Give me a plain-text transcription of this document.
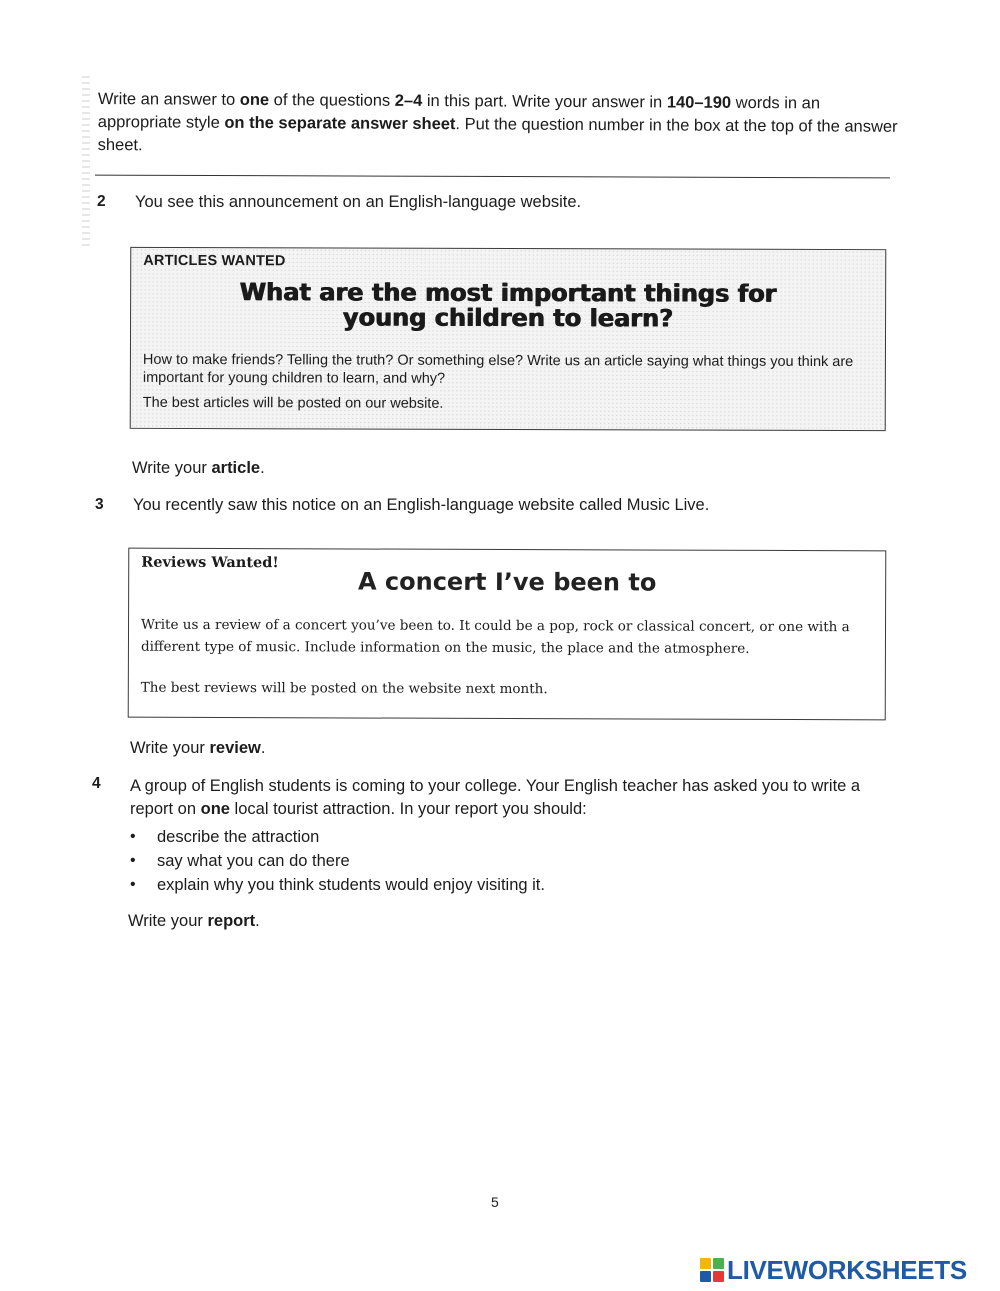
Write an answer to one of the questions 2–4 in this part. Write your answer in 140–190 words in an appropriate style on the separate answer sheet. Put the question number in the box at the top of the answer sheet.
2 You see this announcement on an English-language website.
ARTICLES WANTED
What are the most important things for
young children to learn?
How to make friends? Telling the truth? Or something else? Write us an article saying what things you think are important for young children to learn, and why?
The best articles will be posted on our website.
Write your article.
3 You recently saw this notice on an English-language website called Music Live.
Reviews Wanted!
A concert I’ve been to
Write us a review of a concert you’ve been to. It could be a pop, rock or classical concert, or one with a different type of music. Include information on the music, the place and the atmosphere.
The best reviews will be posted on the website next month.
Write your review.
4 A group of English students is coming to your college. Your English teacher has asked you to write a report on one local tourist attraction. In your report you should:
• describe the attraction
• say what you can do there
• explain why you think students would enjoy visiting it.
Write your report.
5
LIVEWORKSHEETS
